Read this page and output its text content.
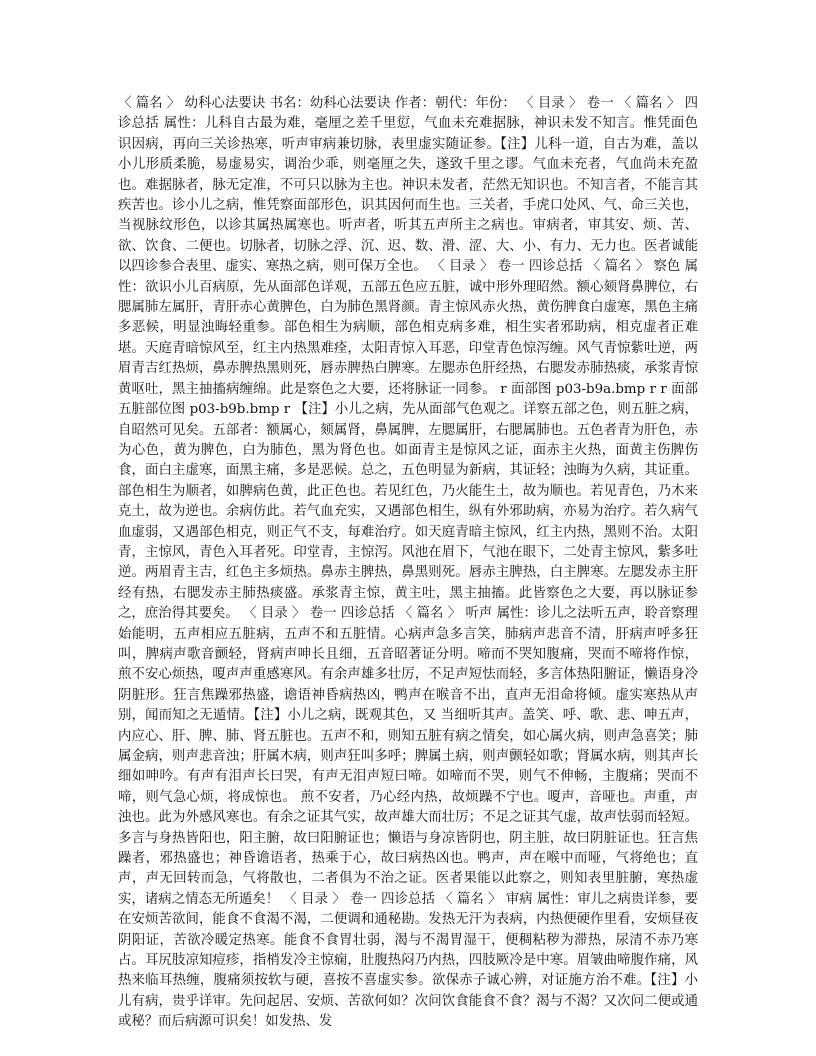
〈 篇名 〉 幼科心法要诀 书名：幼科心法要诀 作者：朝代：年份： 〈 目录 〉 卷一 〈 篇名 〉 四诊总括 属性：儿科自古最为难，毫厘之差千里愆，气血未充难据脉，神识未发不知言。惟凭面色识因病，再向三关诊热寒，听声审病兼切脉，表里虚实随证参。【注】儿科一道，自古为难，盖以小儿形质柔脆，易虚易实，调治少乖，则毫厘之失，遂致千里之谬。气血未充者，气血尚未充盈也。难据脉者，脉无定准，不可只以脉为主也。神识未发者，茫然无知识也。不知言者，不能言其疾苦也。诊小儿之病，惟凭察面部形色，识其因何而生也。三关者，手虎口处风、气、命三关也，当视脉纹形色，以诊其属热属寒也。听声者，听其五声所主之病也。审病者，审其安、烦、苦、欲、饮食、二便也。切脉者，切脉之浮、沉、迟、数、滑、涩、大、小、有力、无力也。医者诚能以四诊参合表里、虚实、寒热之病，则可保万全也。 〈 目录 〉 卷一 四诊总括 〈 篇名 〉 察色 属性：欲识小儿百病原，先从面部色详观，五部五色应五脏，诚中形外理昭然。额心颏肾鼻脾位，右腮属肺左属肝，青肝赤心黄脾色，白为肺色黑肾颜。青主惊风赤火热，黄伤脾食白虚寒，黑色主痛多恶候，明显浊晦轻重参。部色相生为病顺，部色相克病多难，相生实者邪助病，相克虚者正难堪。天庭青暗惊风至，红主内热黑难痊，太阳青惊入耳恶，印堂青色惊泻缠。风气青惊紫吐逆，两眉青吉红热烦，鼻赤脾热黑则死，唇赤脾热白脾寒。左腮赤色肝经热，右腮发赤肺热痰，承浆青惊黄呕吐，黑主抽搐病缠绵。此是察色之大要，还将脉证一同参。 r 面部图 p03-b9a.bmp r r 面部五脏部位图 p03-b9b.bmp r 【注】小儿之病，先从面部气色观之。详察五部之色，则五脏之病，自昭然可见矣。五部者：额属心，颏属肾，鼻属脾，左腮属肝，右腮属肺也。五色者青为肝色，赤为心色，黄为脾色，白为肺色，黑为肾色也。如面青主是惊风之证，面赤主火热，面黄主伤脾伤食，面白主虚寒，面黑主痛，多是恶候。总之，五色明显为新病，其证轻；浊晦为久病，其证重。部色相生为顺者，如脾病色黄，此正色也。若见红色，乃火能生土，故为顺也。若见青色，乃木来克土，故为逆也。余病仿此。若气血充实，又遇部色相生，纵有外邪助病，亦易为治疗。若久病气血虚弱，又遇部色相克，则正气不支，每难治疗。如天庭青暗主惊风，红主内热，黑则不治。太阳青，主惊风，青色入耳者死。印堂青，主惊泻。风池在眉下，气池在眼下，二处青主惊风，紫多吐逆。两眉青主吉，红色主多烦热。鼻赤主脾热，鼻黑则死。唇赤主脾热，白主脾寒。左腮发赤主肝经有热，右腮发赤主肺热痰盛。承浆青主惊，黄主吐，黑主抽搐。此皆察色之大要，再以脉证参之，庶治得其要矣。 〈 目录 〉 卷一 四诊总括 〈 篇名 〉 听声 属性：诊儿之法听五声，聆音察理始能明，五声相应五脏病，五声不和五脏情。心病声急多言笑，肺病声悲音不清，肝病声呼多狂叫，脾病声歌音颤轻，肾病声呻长且细，五音昭著证分明。啼而不哭知腹痛，哭而不啼将作惊， 煎不安心烦热，嗄声声重感寒风。有余声雄多壮厉，不足声短怯而轻，多言体热阳腑证，懒语身冷阴脏形。狂言焦躁邪热盛，谵语神昏病热凶，鸭声在喉音不出，直声无泪命将倾。虚实寒热从声别，闻而知之无遁情。【注】小儿之病，既观其色，又 当细听其声。盖笑、呼、歌、悲、呻五声，内应心、肝、脾、肺、肾五脏也。五声不和，则知五脏有病之情矣，如心属火病，则声急喜笑；肺属金病，则声悲音浊；肝属木病，则声狂叫多呼；脾属土病，则声颤轻如歌；肾属水病，则其声长细如呻吟。有声有泪声长曰哭，有声无泪声短曰啼。如啼而不哭，则气不伸畅，主腹痛；哭而不啼，则气急心烦，将成惊也。 煎不安者，乃心经内热，故烦躁不宁也。嗄声，音哑也。声重，声浊也。此为外感风寒也。有余之证其气实，故声雄大而壮厉；不足之证其气虚，故声怯弱而轻短。多言与身热皆阳也，阳主腑，故曰阳腑证也；懒语与身凉皆阴也，阴主脏，故曰阴脏证也。狂言焦躁者，邪热盛也；神昏谵语者，热乘于心，故曰病热凶也。鸭声，声在喉中而哑，气将绝也；直声，声无回转而急，气将散也，二者俱为不治之证。医者果能以此察之，则知表里脏腑，寒热虚实，诸病之情态无所遁矣！ 〈 目录 〉 卷一 四诊总括 〈 篇名 〉 审病 属性：审儿之病贵详参，要在安烦苦欲间，能食不食渴不渴，二便调和通秘勘。发热无汗为表病，内热便硬作里看，安烦昼夜阴阳证，苦欲冷暖定热寒。能食不食胃壮弱，渴与不渴胃湿干，便稠粘秽为滞热，尿清不赤乃寒占。耳尻肢凉知痘疹，指梢发冷主惊痫，肚腹热闷乃内热，四肢厥冷是中寒。眉皱曲啼腹作痛，风热来临耳热缠，腹痛须按软与硬，喜按不喜虚实参。欲保赤子诚心辨，对证施方治不难。【注】小儿有病，贵乎详审。先问起居、安烦、苦欲何如？次问饮食能食不食？渴与不渴？又次问二便或通或秘？而后病源可识矣！如发热、发
